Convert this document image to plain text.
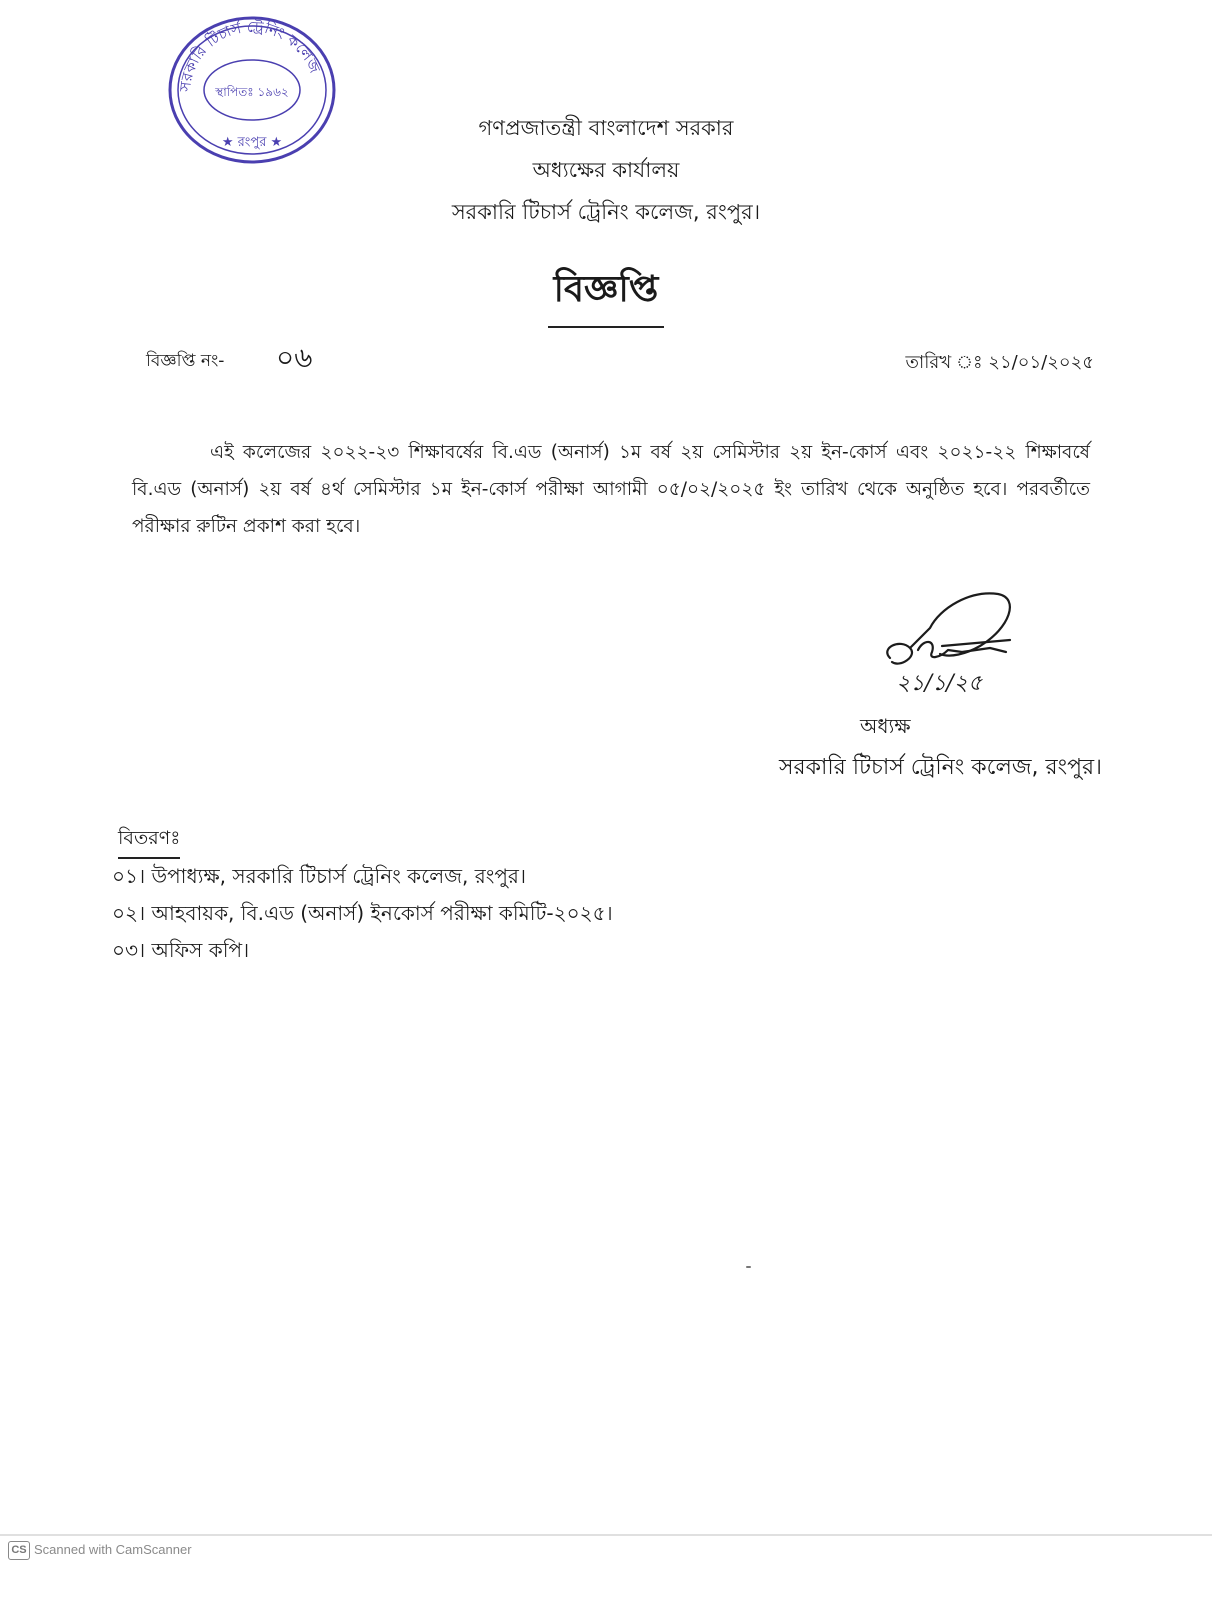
সরকারি টিচার্স ট্রেনিং কলেজ
স্থাপিতঃ ১৯৬২
★ রংপুর ★
গণপ্রজাতন্ত্রী বাংলাদেশ সরকার
অধ্যক্ষের কার্যালয়
সরকারি টিচার্স ট্রেনিং কলেজ, রংপুর।
বিজ্ঞপ্তি
বিজ্ঞপ্তি নং- ০৬	তারিখ ঃ ২১/০১/২০২৫

এই কলেজের ২০২২-২৩ শিক্ষাবর্ষের বি.এড (অনার্স) ১ম বর্ষ ২য় সেমিস্টার ২য় ইন-কোর্স এবং ২০২১-২২ শিক্ষাবর্ষে বি.এড (অনার্স) ২য় বর্ষ ৪র্থ সেমিস্টার ১ম ইন-কোর্স পরীক্ষা আগামী ০৫/০২/২০২৫ ইং তারিখ থেকে অনুষ্ঠিত হবে। পরবর্তীতে পরীক্ষার রুটিন প্রকাশ করা হবে।

২১/১/২৫
অধ্যক্ষ
সরকারি টিচার্স ট্রেনিং কলেজ, রংপুর।
বিতরণঃ
০১। উপাধ্যক্ষ, সরকারি টিচার্স ট্রেনিং কলেজ, রংপুর।
০২। আহবায়ক, বি.এড (অনার্স) ইনকোর্স পরীক্ষা কমিটি-২০২৫।
০৩। অফিস কপি।
CS Scanned with CamScanner
